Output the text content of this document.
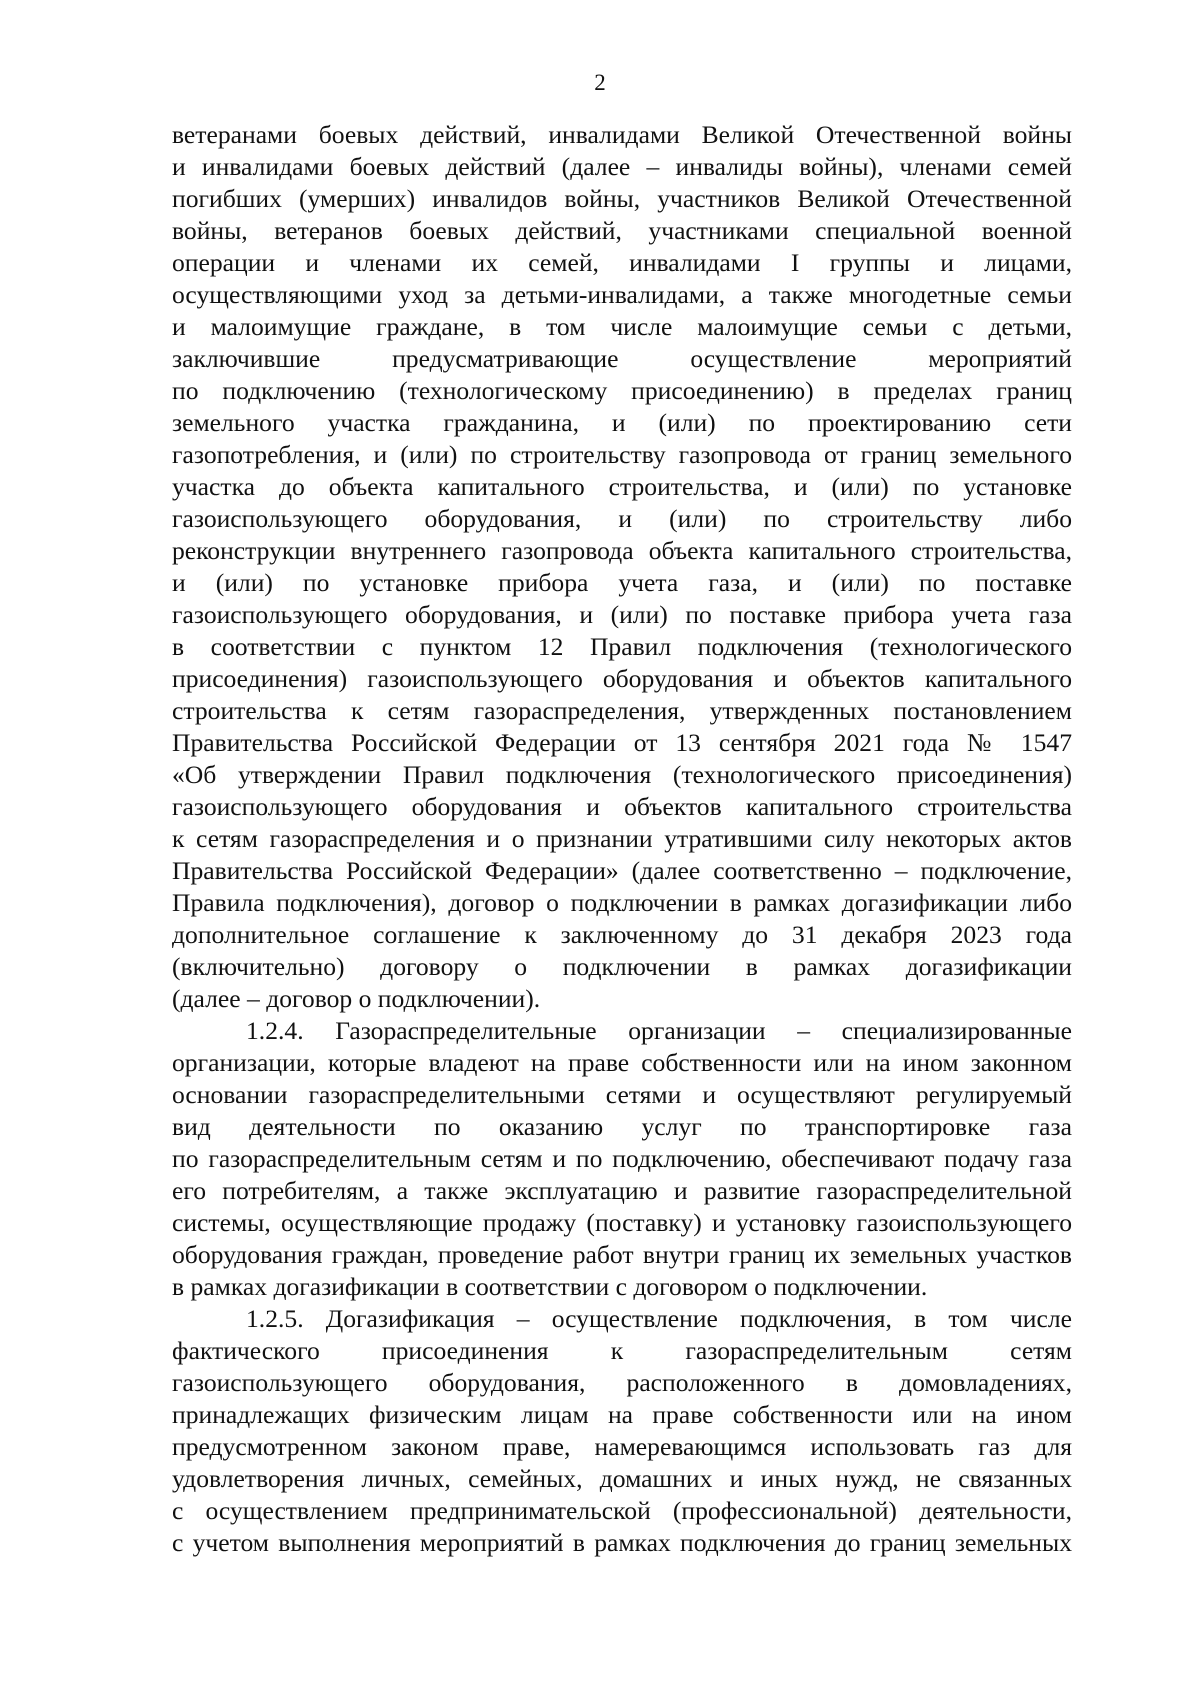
2
ветеранами боевых действий, инвалидами Великой Отечественной войны
и инвалидами боевых действий (далее – инвалиды войны), членами семей
погибших (умерших) инвалидов войны, участников Великой Отечественной
войны, ветеранов боевых действий, участниками специальной военной
операции и членами их семей, инвалидами I группы и лицами,
осуществляющими уход за детьми-инвалидами, а также многодетные семьи
и малоимущие граждане, в том числе малоимущие семьи с детьми,
заключившие предусматривающие осуществление мероприятий
по подключению (технологическому присоединению) в пределах границ
земельного участка гражданина, и (или) по проектированию сети
газопотребления, и (или) по строительству газопровода от границ земельного
участка до объекта капитального строительства, и (или) по установке
газоиспользующего оборудования, и (или) по строительству либо
реконструкции внутреннего газопровода объекта капитального строительства,
и (или) по установке прибора учета газа, и (или) по поставке
газоиспользующего оборудования, и (или) по поставке прибора учета газа
в соответствии с пунктом 12 Правил подключения (технологического
присоединения) газоиспользующего оборудования и объектов капитального
строительства к сетям газораспределения, утвержденных постановлением
Правительства Российской Федерации от 13 сентября 2021 года № 1547
«Об утверждении Правил подключения (технологического присоединения)
газоиспользующего оборудования и объектов капитального строительства
к сетям газораспределения и о признании утратившими силу некоторых актов
Правительства Российской Федерации» (далее соответственно – подключение,
Правила подключения), договор о подключении в рамках догазификации либо
дополнительное соглашение к заключенному до 31 декабря 2023 года
(включительно) договору о подключении в рамках догазификации
(далее – договор о подключении).
1.2.4. Газораспределительные организации – специализированные
организации, которые владеют на праве собственности или на ином законном
основании газораспределительными сетями и осуществляют регулируемый
вид деятельности по оказанию услуг по транспортировке газа
по газораспределительным сетям и по подключению, обеспечивают подачу газа
его потребителям, а также эксплуатацию и развитие газораспределительной
системы, осуществляющие продажу (поставку) и установку газоиспользующего
оборудования граждан, проведение работ внутри границ их земельных участков
в рамках догазификации в соответствии с договором о подключении.
1.2.5. Догазификация – осуществление подключения, в том числе
фактического присоединения к газораспределительным сетям
газоиспользующего оборудования, расположенного в домовладениях,
принадлежащих физическим лицам на праве собственности или на ином
предусмотренном законом праве, намеревающимся использовать газ для
удовлетворения личных, семейных, домашних и иных нужд, не связанных
с осуществлением предпринимательской (профессиональной) деятельности,
с учетом выполнения мероприятий в рамках подключения до границ земельных
